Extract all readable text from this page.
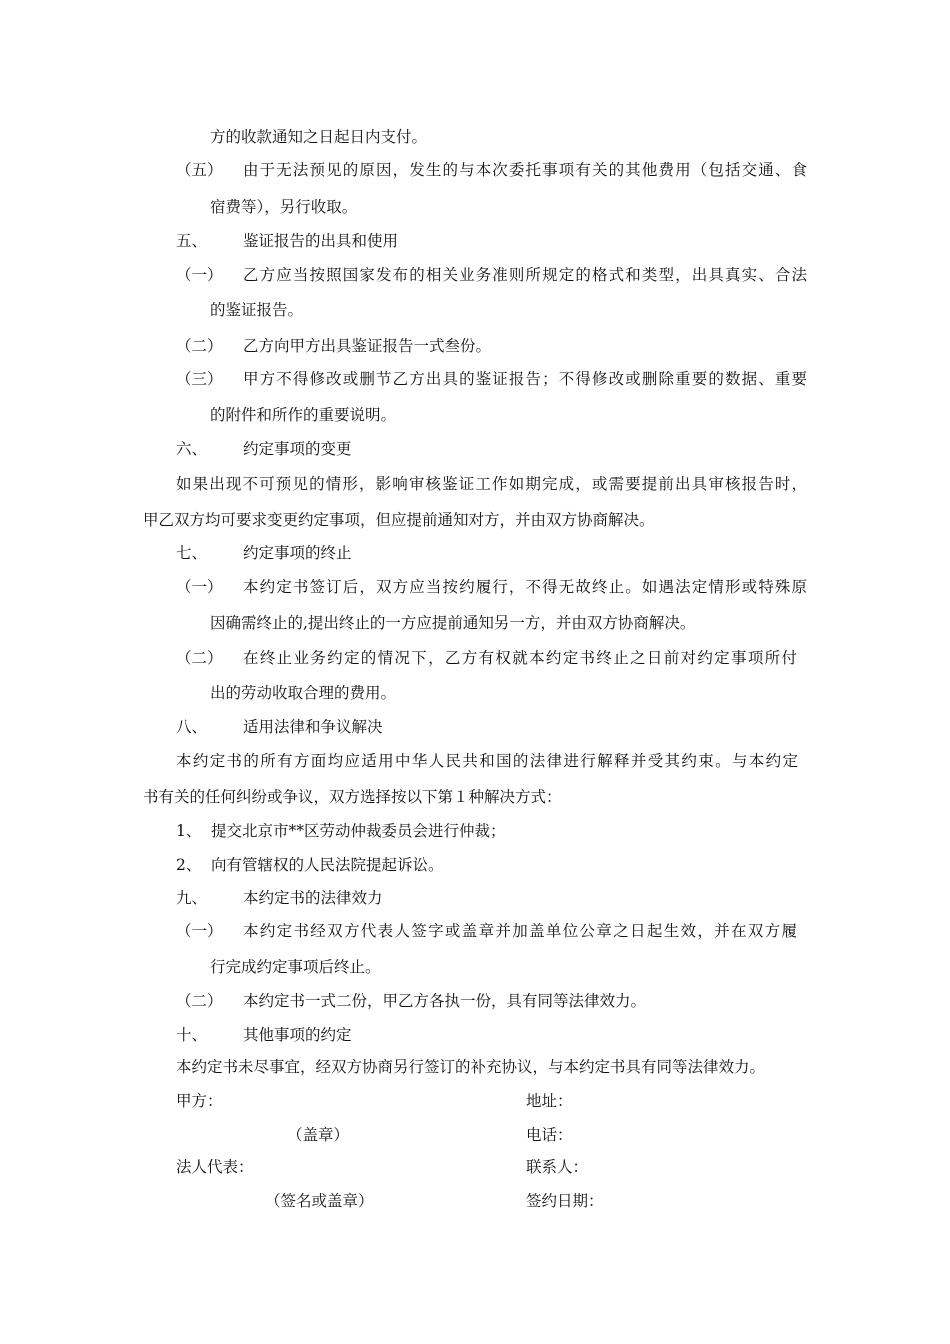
方的收款通知之日起日内支付。
（五） 由于无法预见的原因，发生的与本次委托事项有关的其他费用（包括交通、食
宿费等），另行收取。
五、 鉴证报告的出具和使用
（一） 乙方应当按照国家发布的相关业务准则所规定的格式和类型，出具真实、合法
的鉴证报告。
（二） 乙方向甲方出具鉴证报告一式叁份。
（三） 甲方不得修改或删节乙方出具的鉴证报告；不得修改或删除重要的数据、重要
的附件和所作的重要说明。
六、 约定事项的变更
如果出现不可预见的情形，影响审核鉴证工作如期完成，或需要提前出具审核报告时，
甲乙双方均可要求变更约定事项，但应提前通知对方，并由双方协商解决。
七、 约定事项的终止
（一） 本约定书签订后，双方应当按约履行，不得无故终止。如遇法定情形或特殊原
因确需终止的,提出终止的一方应提前通知另一方，并由双方协商解决。
（二） 在终止业务约定的情况下，乙方有权就本约定书终止之日前对约定事项所付
出的劳动收取合理的费用。
八、 适用法律和争议解决
本约定书的所有方面均应适用中华人民共和国的法律进行解释并受其约束。与本约定
书有关的任何纠纷或争议，双方选择按以下第１种解决方式：
1、 提交北京市**区劳动仲裁委员会进行仲裁；
2、 向有管辖权的人民法院提起诉讼。
九、 本约定书的法律效力
（一） 本约定书经双方代表人签字或盖章并加盖单位公章之日起生效，并在双方履
行完成约定事项后终止。
（二） 本约定书一式二份，甲乙方各执一份，具有同等法律效力。
十、 其他事项的约定
本约定书未尽事宜，经双方协商另行签订的补充协议，与本约定书具有同等法律效力。
甲方：	地址：
（盖章）	电话：
法人代表：	联系人：
（签名或盖章）	签约日期：
